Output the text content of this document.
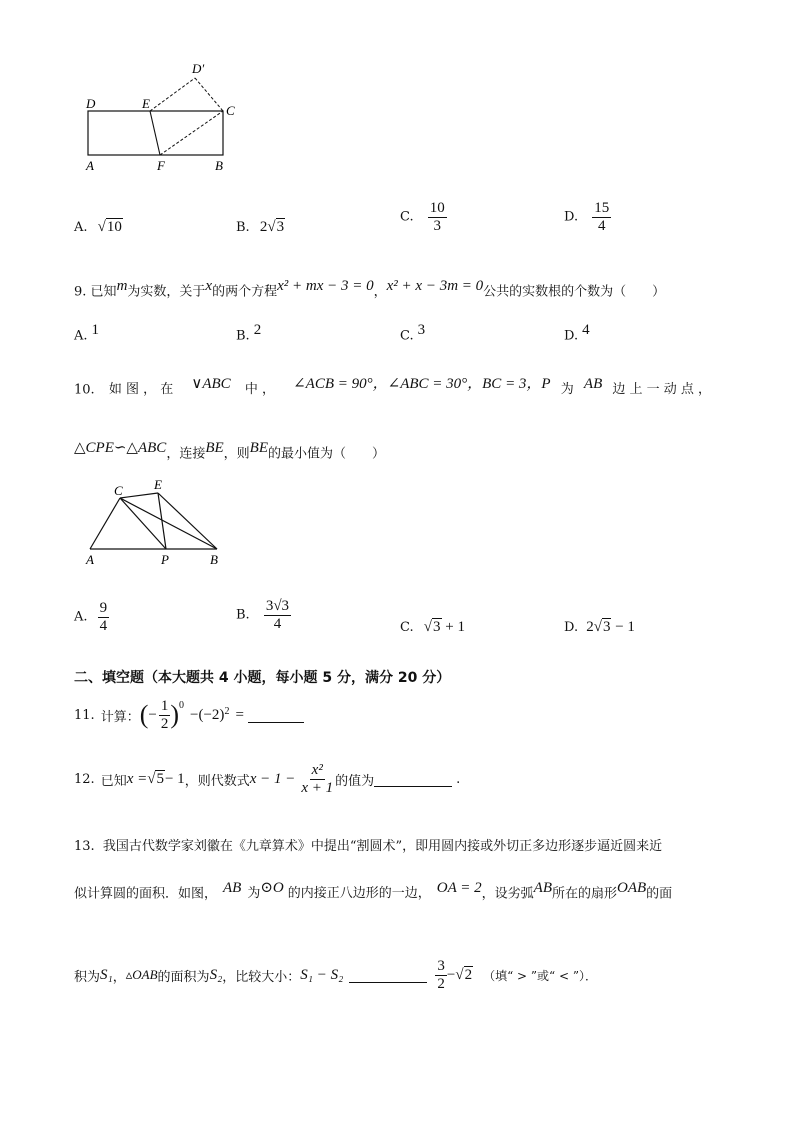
D	E
D′
C
A	F	B
A. √10	B. 2√3
C. $\frac{10}{3}$	D. $\frac{15}{4}$
9. 已知$^m$为实数，关于$^x$的两个方程$^{x^2 + mx - 3 = 0}$，$^{x^2 + x - 3m = 0}$公共的实数根的个数为（　　）
A. $^1$	B. $^2$	C. $^3$	D. $^4$
10. 如 图 ， 在 $^{\vee ABC}$ 中 ， $^{\angle ACB = 90^\circ,\angle ABC = 30^\circ,BC = 3,P}$ 为 $^{AB}$ 边 上 一 动 点 ，
$^{\triangle CPE∽\triangle ABC}$，连接$^{BE}$，则$^{BE}$的最小值为（　　）
C E
A	P	B
A. $\frac{9}{4}$	B. $\frac{3√3}{4}$	C. √3 + 1	D. 2√3 − 1
二、填空题（本大题共 4 小题，每小题 5 分，满分 20 分）
11. 计算： ( − $\frac{1}{2}$ ) 0
−(−2) 2 =
12. 已知 x = √5 − 1 ，则代数式 $x - 1 - \frac{\text{x²}}{x + 1}$ 的值为	.
13. 我国古代数学家刘徽在《九章算术》中提出“割圆术”，即用圆内接或外切正多边形逐步逼近圆来近
似计算圆的面积．如图， $^{AB}$ 为$^{⊙O}$ 的内接正八边形的一边， $^{OA = 2}$，设劣弧$^{AB}$所在的扇形$^{OAB}$的面
积为 S₁ ， ▵OAB 的面积为 S₂ ，比较大小： S₁ − S₂	$\frac{3}{2} - √2$ （填“ > ”或“ < ”）．
